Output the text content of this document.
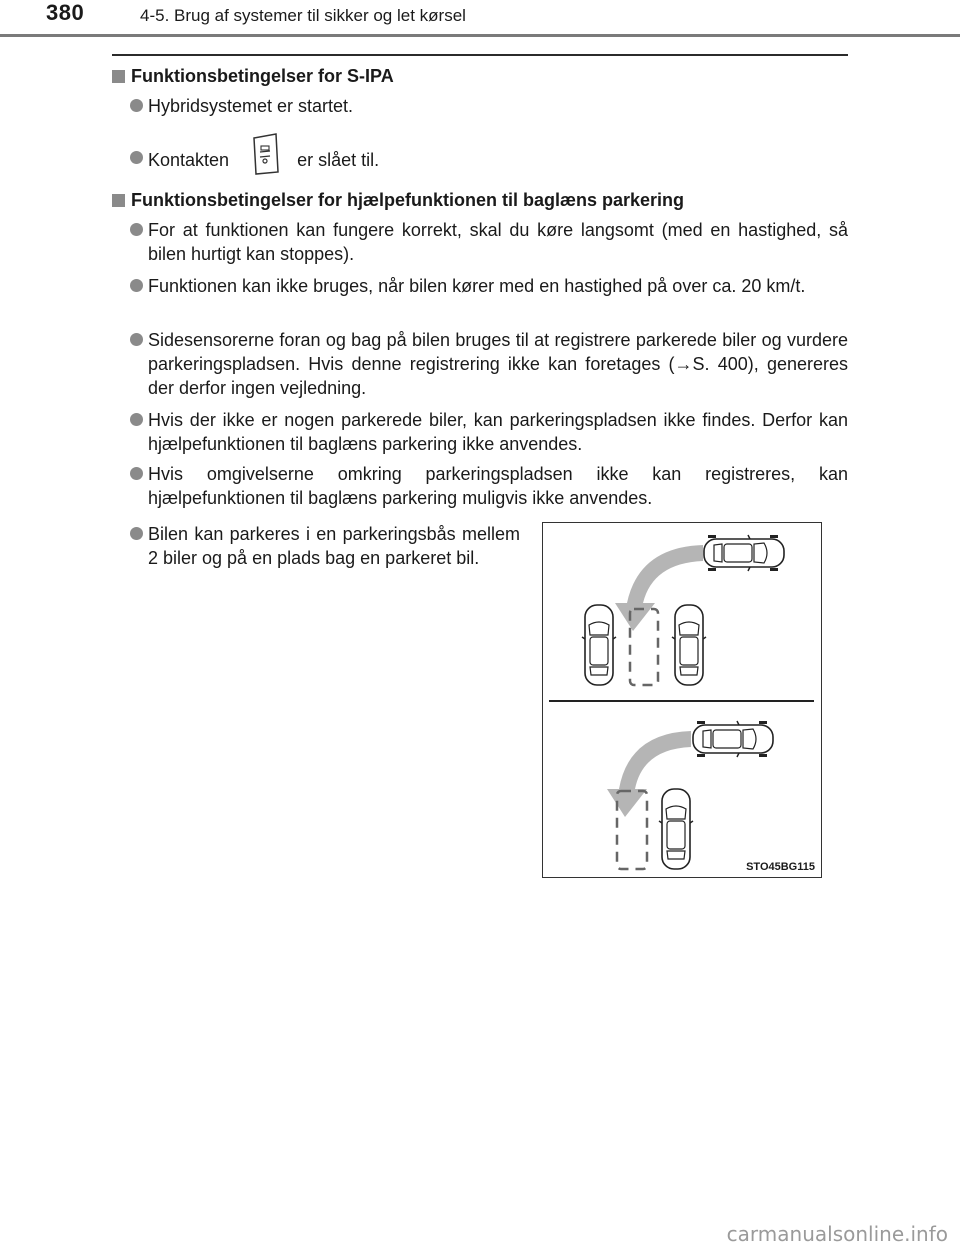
380	4-5. Brug af systemer til sikker og let kørsel
Funktionsbetingelser for S-IPA
Hybridsystemet er startet.
Kontakten	er slået til.
Funktionsbetingelser for hjælpefunktionen til baglæns parkering
For at funktionen kan fungere korrekt, skal du køre langsomt (med en hastighed, så bilen hurtigt kan stoppes).
Funktionen kan ikke bruges, når bilen kører med en hastighed på over ca. 20 km/t.
Sidesensorerne foran og bag på bilen bruges til at registrere parkerede biler og vurdere parkeringspladsen. Hvis denne registrering ikke kan foretages (→S. 400), genereres der derfor ingen vejledning.
Hvis der ikke er nogen parkerede biler, kan parkeringspladsen ikke findes. Derfor kan hjælpefunktionen til baglæns parkering ikke anvendes.
Hvis omgivelserne omkring parkeringspladsen ikke kan registreres, kan hjælpefunktionen til baglæns parkering muligvis ikke anvendes.
Bilen kan parkeres i en parkeringsbås mellem 2 biler og på en plads bag en parkeret bil.
STO45BG115
carmanualsonline.info
